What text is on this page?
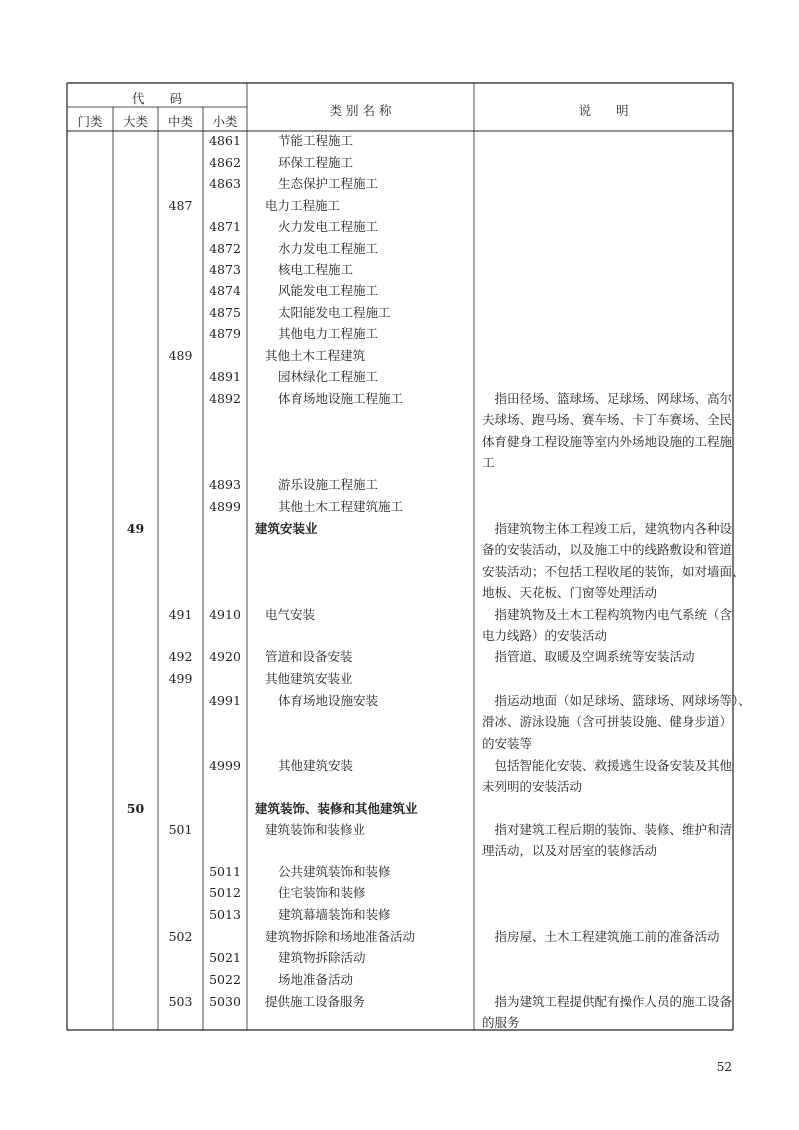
代　　码
门类	大类	中类	小类
类 别 名 称	说　　明
4861	节能工程施工
4862	环保工程施工
4863	生态保护工程施工
487	电力工程施工
4871	火力发电工程施工
4872	水力发电工程施工
4873	核电工程施工
4874	风能发电工程施工
4875	太阳能发电工程施工
4879	其他电力工程施工
489	其他土木工程建筑
4891	园林绿化工程施工
4892	体育场地设施工程施工	　指田径场、篮球场、足球场、网球场、高尔
夫球场、跑马场、赛车场、卡丁车赛场、全民
体育健身工程设施等室内外场地设施的工程施
工
4893	游乐设施工程施工
4899	其他土木工程建筑施工
49	建筑安装业	　指建筑物主体工程竣工后，建筑物内各种设
备的安装活动，以及施工中的线路敷设和管道
安装活动；不包括工程收尾的装饰，如对墙面、
地板、天花板、门窗等处理活动
491	4910	电气安装	　指建筑物及土木工程构筑物内电气系统（含
电力线路）的安装活动
492	4920	管道和设备安装	　指管道、取暖及空调系统等安装活动
499	其他建筑安装业
4991	体育场地设施安装	　指运动地面（如足球场、篮球场、网球场等）、
滑冰、游泳设施（含可拼装设施、健身步道）
的安装等
4999	其他建筑安装	　包括智能化安装、救援逃生设备安装及其他
未列明的安装活动
50	建筑装饰、装修和其他建筑业
501	建筑装饰和装修业	　指对建筑工程后期的装饰、装修、维护和清
理活动，以及对居室的装修活动
5011	公共建筑装饰和装修
5012	住宅装饰和装修
5013	建筑幕墙装饰和装修
502	建筑物拆除和场地准备活动	　指房屋、土木工程建筑施工前的准备活动
5021	建筑物拆除活动
5022	场地准备活动
503	5030	提供施工设备服务	　指为建筑工程提供配有操作人员的施工设备
的服务
52
